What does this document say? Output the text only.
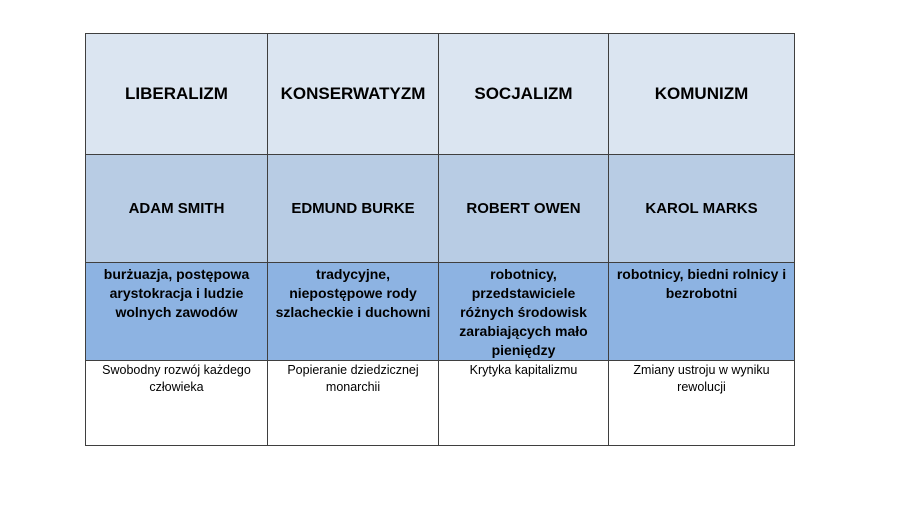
LIBERALIZM	KONSERWATYZM	SOCJALIZM	KOMUNIZM
ADAM SMITH	EDMUND BURKE	ROBERT OWEN	KAROL MARKS
burżuazja, postępowa arystokracja i ludzie wolnych zawodów	tradycyjne, niepostępowe rody szlacheckie i duchowni	robotnicy, przedstawiciele różnych środowisk zarabiających mało pieniędzy	robotnicy, biedni rolnicy i bezrobotni
Swobodny rozwój każdego człowieka	Popieranie dziedzicznej monarchii	Krytyka kapitalizmu	Zmiany ustroju w wyniku rewolucji
